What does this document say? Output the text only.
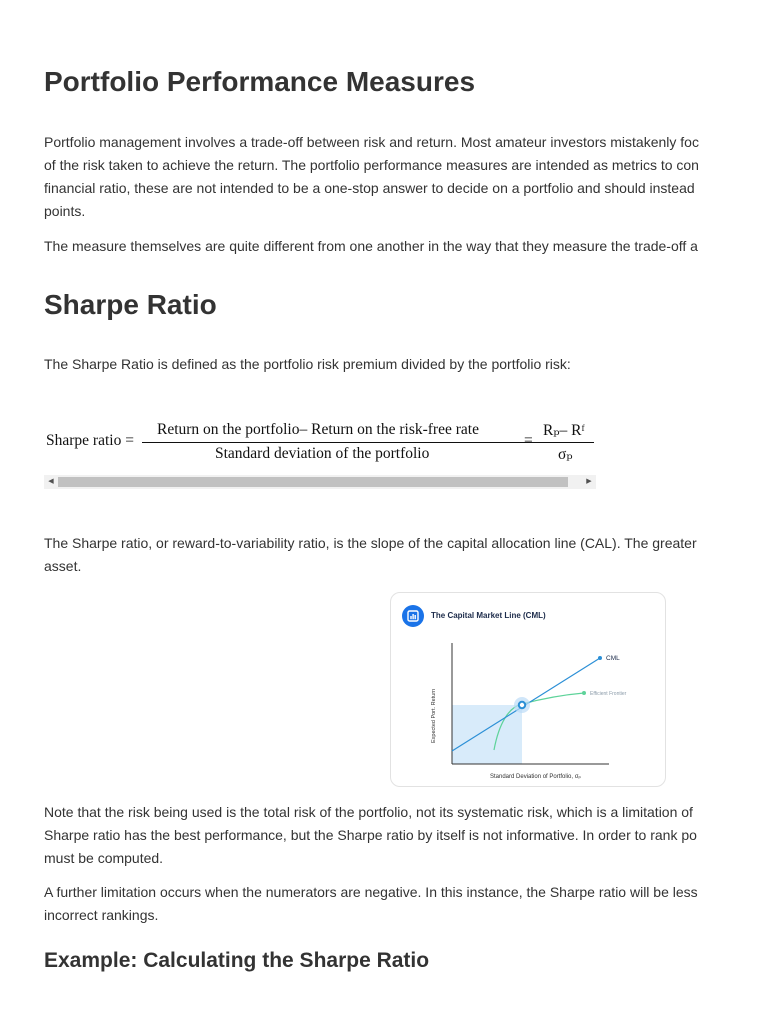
Portfolio Performance Measures

Portfolio management involves a trade-off between risk and return. Most amateur investors mistakenly foc
of the risk taken to achieve the return. The portfolio performance measures are intended as metrics to con
financial ratio, these are not intended to be a one-stop answer to decide on a portfolio and should instead
points.

The measure themselves are quite different from one another in the way that they measure the trade-off a

Sharpe Ratio

The Sharpe Ratio is defined as the portfolio risk premium divided by the portfolio risk:

Sharpe ratio =
Return on the portfolio– Return on the risk-free rate
Standard deviation of the portfolio
=
Rₚ– Rᶠ
σₚ
◀	▶

The Sharpe ratio, or reward-to-variability ratio, is the slope of the capital allocation line (CAL). The greater
asset.

The Capital Market Line (CML)
CML
Efficient Frontier
Expected Port. Return
Standard Deviation of Portfolio, σₚ

Note that the risk being used is the total risk of the portfolio, not its systematic risk, which is a limitation of
Sharpe ratio has the best performance, but the Sharpe ratio by itself is not informative. In order to rank po
must be computed.

A further limitation occurs when the numerators are negative. In this instance, the Sharpe ratio will be less
incorrect rankings.

Example: Calculating the Sharpe Ratio
